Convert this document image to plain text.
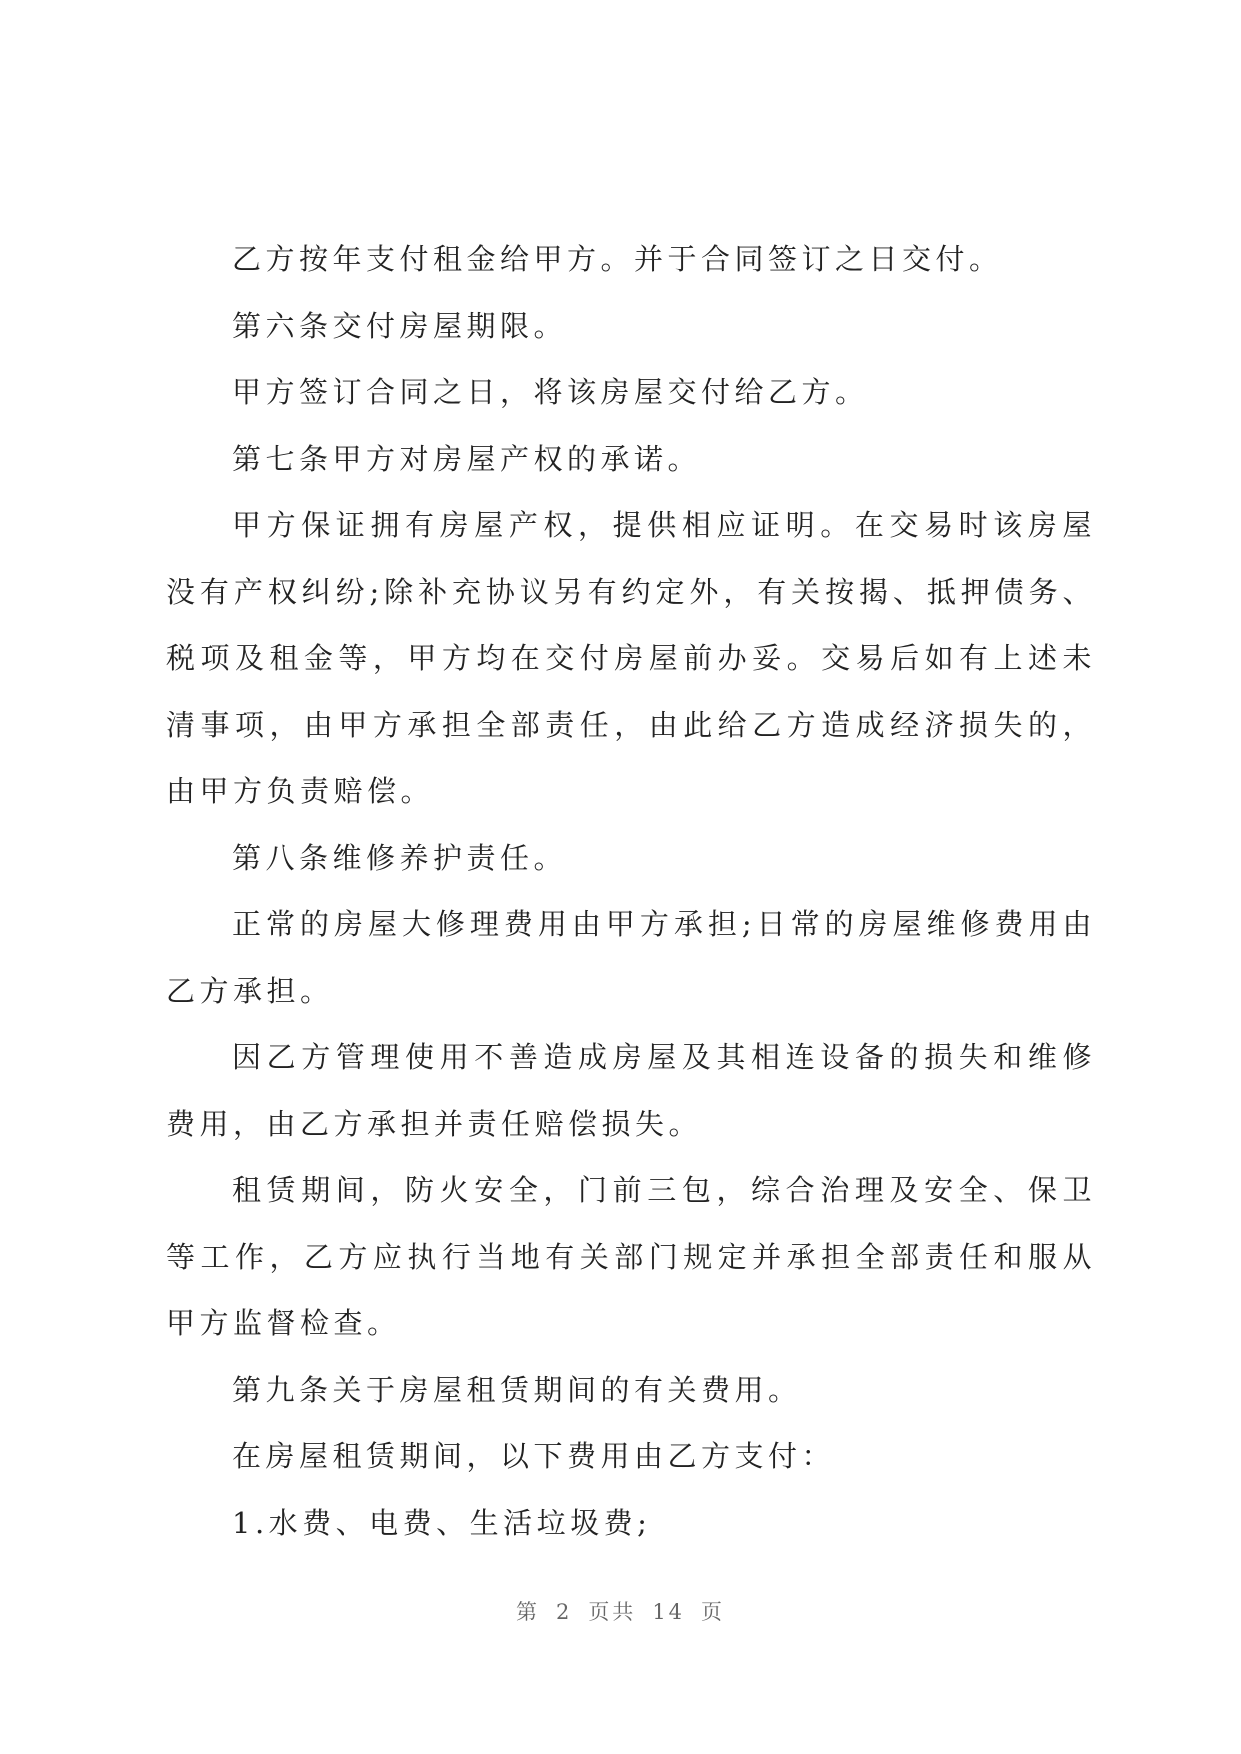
乙方按年支付租金给甲方。并于合同签订之日交付。

第六条交付房屋期限。

甲方签订合同之日，将该房屋交付给乙方。

第七条甲方对房屋产权的承诺。

甲方保证拥有房屋产权，提供相应证明。在交易时该房屋没有产权纠纷;除补充协议另有约定外，有关按揭、抵押债务、税项及租金等，甲方均在交付房屋前办妥。交易后如有上述未清事项，由甲方承担全部责任，由此给乙方造成经济损失的，由甲方负责赔偿。

第八条维修养护责任。

正常的房屋大修理费用由甲方承担;日常的房屋维修费用由乙方承担。

因乙方管理使用不善造成房屋及其相连设备的损失和维修费用，由乙方承担并责任赔偿损失。

租赁期间，防火安全，门前三包，综合治理及安全、保卫等工作，乙方应执行当地有关部门规定并承担全部责任和服从甲方监督检查。

第九条关于房屋租赁期间的有关费用。

在房屋租赁期间，以下费用由乙方支付：

1.水费、电费、生活垃圾费;

第 2 页共 14 页
